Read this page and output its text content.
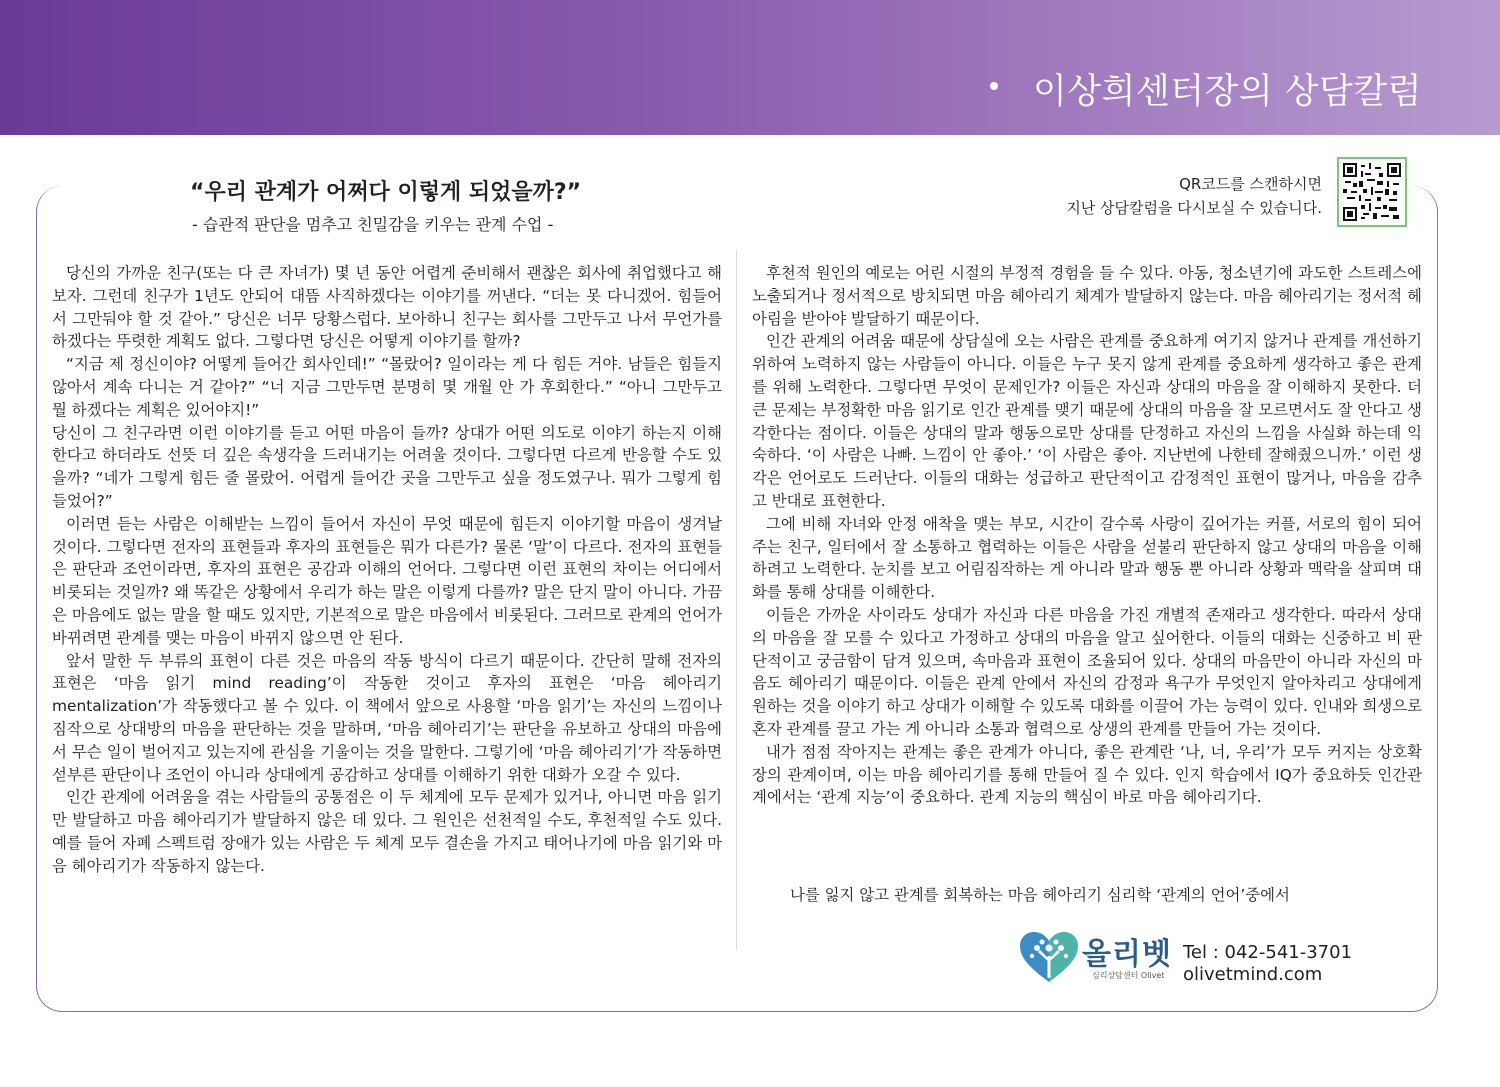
이상희센터장의 상담칼럼
“우리 관계가 어쩌다 이렇게 되었을까?”
- 습관적 판단을 멈추고 친밀감을 키우는 관계 수업 -
QR코드를 스캔하시면
지난 상담칼럼을 다시보실 수 있습니다.

당신의 가까운 친구(또는 다 큰 자녀가) 몇 년 동안 어렵게 준비해서 괜찮은 회사에 취업했다고 해보자. 그런데 친구가 1년도 안되어 대뜸 사직하겠다는 이야기를 꺼낸다. “더는 못 다니겠어. 힘들어서 그만둬야 할 것 같아.” 당신은 너무 당황스럽다. 보아하니 친구는 회사를 그만두고 나서 무언가를 하겠다는 뚜렷한 계획도 없다. 그렇다면 당신은 어떻게 이야기를 할까?

“지금 제 정신이야? 어떻게 들어간 회사인데!” “몰랐어? 일이라는 게 다 힘든 거야. 남들은 힘들지 않아서 계속 다니는 거 같아?” “너 지금 그만두면 분명히 몇 개월 안 가 후회한다.” “아니 그만두고 뭘 하겠다는 계획은 있어야지!”

당신이 그 친구라면 이런 이야기를 듣고 어떤 마음이 들까? 상대가 어떤 의도로 이야기 하는지 이해한다고 하더라도 선뜻 더 깊은 속생각을 드러내기는 어려울 것이다. 그렇다면 다르게 반응할 수도 있을까? “네가 그렇게 힘든 줄 몰랐어. 어렵게 들어간 곳을 그만두고 싶을 정도였구나. 뭐가 그렇게 힘들었어?”

이러면 듣는 사람은 이해받는 느낌이 들어서 자신이 무엇 때문에 힘든지 이야기할 마음이 생겨날 것이다. 그렇다면 전자의 표현들과 후자의 표현들은 뭐가 다른가? 물론 ‘말’이 다르다. 전자의 표현들은 판단과 조언이라면, 후자의 표현은 공감과 이해의 언어다. 그렇다면 이런 표현의 차이는 어디에서 비롯되는 것일까? 왜 똑같은 상황에서 우리가 하는 말은 이렇게 다를까? 말은 단지 말이 아니다. 가끔은 마음에도 없는 말을 할 때도 있지만, 기본적으로 말은 마음에서 비롯된다. 그러므로 관계의 언어가 바뀌려면 관계를 맺는 마음이 바뀌지 않으면 안 된다.

앞서 말한 두 부류의 표현이 다른 것은 마음의 작동 방식이 다르기 때문이다. 간단히 말해 전자의 표현은 ‘마음 읽기 mind reading’이 작동한 것이고 후자의 표현은 ‘마음 헤아리기 mentalization’가 작동했다고 볼 수 있다. 이 책에서 앞으로 사용할 ‘마음 읽기’는 자신의 느낌이나 짐작으로 상대방의 마음을 판단하는 것을 말하며, ‘마음 헤아리기’는 판단을 유보하고 상대의 마음에서 무슨 일이 벌어지고 있는지에 관심을 기울이는 것을 말한다. 그렇기에 ‘마음 헤아리기’가 작동하면 섣부른 판단이나 조언이 아니라 상대에게 공감하고 상대를 이해하기 위한 대화가 오갈 수 있다.

인간 관계에 어려움을 겪는 사람들의 공통점은 이 두 체계에 모두 문제가 있거나, 아니면 마음 읽기만 발달하고 마음 헤아리기가 발달하지 않은 데 있다. 그 원인은 선천적일 수도, 후천적일 수도 있다. 예를 들어 자폐 스펙트럼 장애가 있는 사람은 두 체계 모두 결손을 가지고 태어나기에 마음 읽기와 마음 헤아리기가 작동하지 않는다.

후천적 원인의 예로는 어린 시절의 부정적 경험을 들 수 있다. 아동, 청소년기에 과도한 스트레스에 노출되거나 정서적으로 방치되면 마음 헤아리기 체계가 발달하지 않는다. 마음 헤아리기는 정서적 헤아림을 받아야 발달하기 때문이다.

인간 관계의 어려움 때문에 상담실에 오는 사람은 관계를 중요하게 여기지 않거나 관계를 개선하기 위하여 노력하지 않는 사람들이 아니다. 이들은 누구 못지 않게 관계를 중요하게 생각하고 좋은 관계를 위해 노력한다. 그렇다면 무엇이 문제인가? 이들은 자신과 상대의 마음을 잘 이해하지 못한다. 더 큰 문제는 부정확한 마음 읽기로 인간 관계를 맺기 때문에 상대의 마음을 잘 모르면서도 잘 안다고 생각한다는 점이다. 이들은 상대의 말과 행동으로만 상대를 단정하고 자신의 느낌을 사실화 하는데 익숙하다. ‘이 사람은 나빠. 느낌이 안 좋아.’ ‘이 사람은 좋아. 지난번에 나한테 잘해줬으니까.’ 이런 생각은 언어로도 드러난다. 이들의 대화는 성급하고 판단적이고 감정적인 표현이 많거나, 마음을 감추고 반대로 표현한다.

그에 비해 자녀와 안정 애착을 맺는 부모, 시간이 갈수록 사랑이 깊어가는 커플, 서로의 힘이 되어주는 친구, 일터에서 잘 소통하고 협력하는 이들은 사람을 섣불리 판단하지 않고 상대의 마음을 이해하려고 노력한다. 눈치를 보고 어림짐작하는 게 아니라 말과 행동 뿐 아니라 상황과 맥락을 살피며 대화를 통해 상대를 이해한다.

이들은 가까운 사이라도 상대가 자신과 다른 마음을 가진 개별적 존재라고 생각한다. 따라서 상대의 마음을 잘 모를 수 있다고 가정하고 상대의 마음을 알고 싶어한다. 이들의 대화는 신중하고 비 판단적이고 궁금함이 담겨 있으며, 속마음과 표현이 조율되어 있다. 상대의 마음만이 아니라 자신의 마음도 헤아리기 때문이다. 이들은 관계 안에서 자신의 감정과 욕구가 무엇인지 알아차리고 상대에게 원하는 것을 이야기 하고 상대가 이해할 수 있도록 대화를 이끌어 가는 능력이 있다. 인내와 희생으로 혼자 관계를 끌고 가는 게 아니라 소통과 협력으로 상생의 관계를 만들어 가는 것이다.

내가 점점 작아지는 관계는 좋은 관계가 아니다, 좋은 관계란 ‘나, 너, 우리’가 모두 커지는 상호확장의 관계이며, 이는 마음 헤아리기를 통해 만들어 질 수 있다. 인지 학습에서 IQ가 중요하듯 인간관계에서는 ‘관계 지능’이 중요하다. 관계 지능의 핵심이 바로 마음 헤아리기다.

나를 잃지 않고 관계를 회복하는 마음 헤아리기 심리학 ‘관계의 언어’중에서
올리벳
심리상담센터 Olivet
Tel : 042-541-3701
olivetmind.com
